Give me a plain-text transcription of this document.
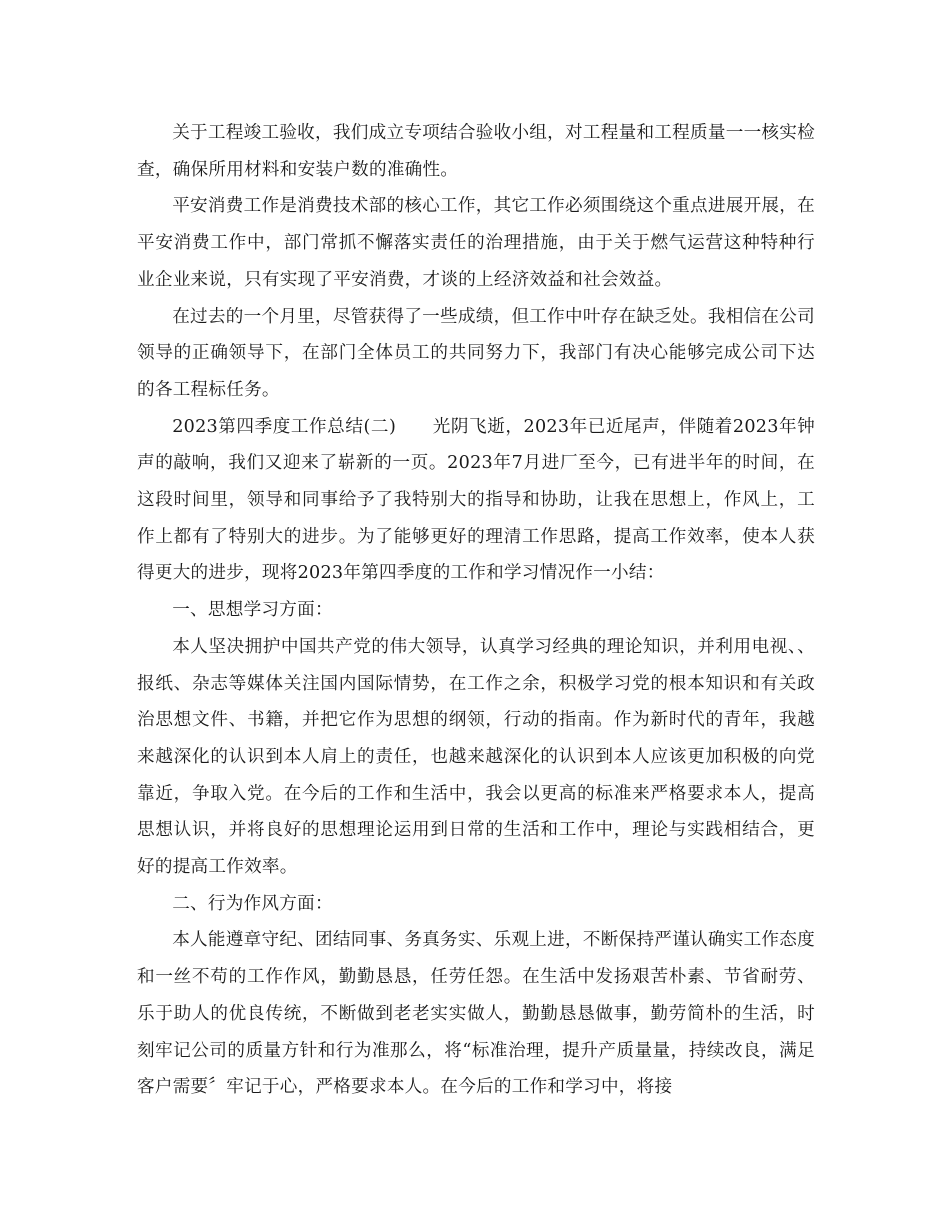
关于工程竣工验收，我们成立专项结合验收小组，对工程量和工程质量一一核实检查，确保所用材料和安装户数的准确性。

平安消费工作是消费技术部的核心工作，其它工作必须围绕这个重点进展开展，在平安消费工作中，部门常抓不懈落实责任的治理措施，由于关于燃气运营这种特种行业企业来说，只有实现了平安消费，才谈的上经济效益和社会效益。

在过去的一个月里，尽管获得了一些成绩，但工作中叶存在缺乏处。我相信在公司领导的正确领导下，在部门全体员工的共同努力下，我部门有决心能够完成公司下达的各工程标任务。

2023第四季度工作总结(二)　　光阴飞逝，2023年已近尾声，伴随着2023年钟声的敲响，我们又迎来了崭新的一页。2023年7月进厂至今，已有进半年的时间，在这段时间里，领导和同事给予了我特别大的指导和协助，让我在思想上，作风上，工作上都有了特别大的进步。为了能够更好的理清工作思路，提高工作效率，使本人获得更大的进步，现将2023年第四季度的工作和学习情况作一小结：

一、思想学习方面：

本人坚决拥护中国共产党的伟大领导，认真学习经典的理论知识，并利用电视、、报纸、杂志等媒体关注国内国际情势，在工作之余，积极学习党的根本知识和有关政治思想文件、书籍，并把它作为思想的纲领，行动的指南。作为新时代的青年，我越来越深化的认识到本人肩上的责任，也越来越深化的认识到本人应该更加积极的向党靠近，争取入党。在今后的工作和生活中，我会以更高的标准来严格要求本人，提高思想认识，并将良好的思想理论运用到日常的生活和工作中，理论与实践相结合，更好的提高工作效率。

二、行为作风方面：

本人能遵章守纪、团结同事、务真务实、乐观上进，不断保持严谨认确实工作态度和一丝不苟的工作作风，勤勤恳恳，任劳任怨。在生活中发扬艰苦朴素、节省耐劳、乐于助人的优良传统，不断做到老老实实做人，勤勤恳恳做事，勤劳简朴的生活，时刻牢记公司的质量方针和行为准那么，将“标准治理，提升产质量量，持续改良，满足客户需要〞牢记于心，严格要求本人。在今后的工作和学习中，将接
